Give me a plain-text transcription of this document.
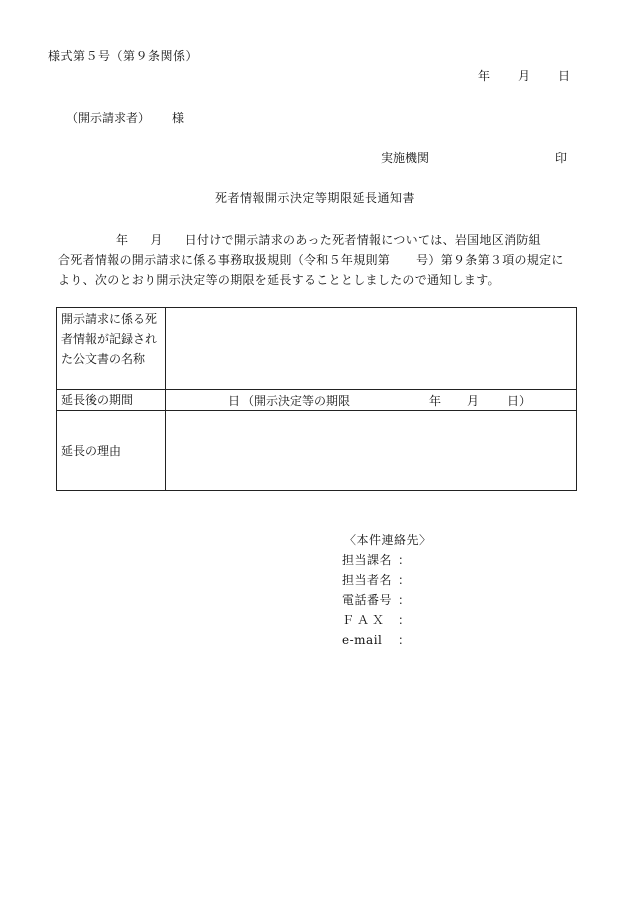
様式第５号（第９条関係）
年 月 日
（開示請求者） 様
実施機関	印
死者情報開示決定等期限延長通知書
年 月 日付けで開示請求のあった死者情報については、岩国地区消防組
合死者情報の開示請求に係る事務取扱規則（令和５年規則第 号）第９条第３項の規定に
より、次のとおり開示決定等の期限を延長することとしましたので通知します。
開示請求に係る死者情報が記録された公文書の名称	
延長後の期間	日 （開示決定等の期限 年 月 日）

延長の理由	
〈本件連絡先〉
担当課名 ：
担当者名 ：
電話番号 ：
ＦＡＸ ：
e-mail ：
